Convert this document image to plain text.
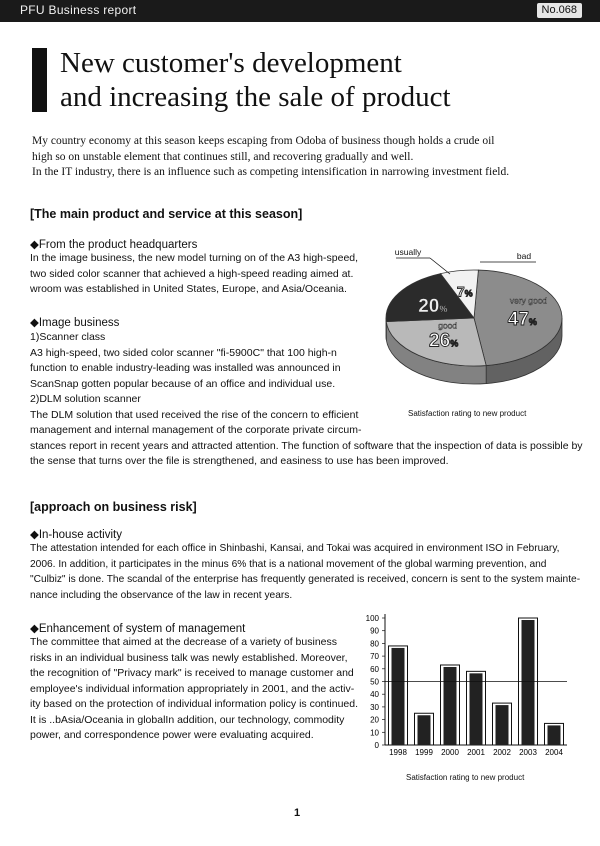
PFU Business report	No.068
New customer's development
and increasing the sale of product

My country economy at this season keeps escaping from Odoba of business though holds a crude oil

high so on unstable element that continues still, and recovering gradually and well.

In the IT industry, there is an influence such as competing intensification in narrowing investment field.

[The main product and service at this season]
◆From the product headquarters

In the image business, the new model turning on of the A3 high-speed,

two sided color scanner that achieved a high-speed reading aimed at.

wroom was established in United States, Europe, and Asia/Oceania.

◆Image business

1)Scanner class

A3 high-speed, two sided color scanner "fi-5900C" that 100 high-n

function to enable industry-leading was installed was announced in

ScanSnap gotten popular because of an office and individual use.

2)DLM solution scanner

The DLM solution that used received the rise of the concern to efficient

management and internal management of the corporate private circum-

stances report in recent years and attracted attention. The function of software that the inspection of data is possible by

the sense that turns over the file is strengthened, and easiness to use has been improved.

47%
very good
26%
good
20%
usually
7%
bad
Satisfaction rating to new product
[approach on business risk]
◆In-house activity

The attestation intended for each office in Shinbashi, Kansai, and Tokai was acquired in environment ISO in February,

2006. In addition, it participates in the minus 6% that is a national movement of the global warming prevention, and

"Culbiz" is done. The scandal of the enterprise has frequently generated is received, concern is sent to the system mainte-

nance including the observance of the law in recent years.

◆Enhancement of system of management

The committee that aimed at the decrease of a variety of business

risks in an individual business talk was newly established. Moreover,

the recognition of "Privacy mark" is received to manage customer and

employee's individual information appropriately in 2001, and the activ-

ity based on the protection of individual information policy is continued.

It is ..bAsia/Oceania in globalIn addition, our technology, commodity

power, and correspondence power were evaluating acquired.

0
10
20
30
40
50
60
70
80
90
100
1998 1999 2000 2001 2002 2003 2004
Satisfaction rating to new product
1
